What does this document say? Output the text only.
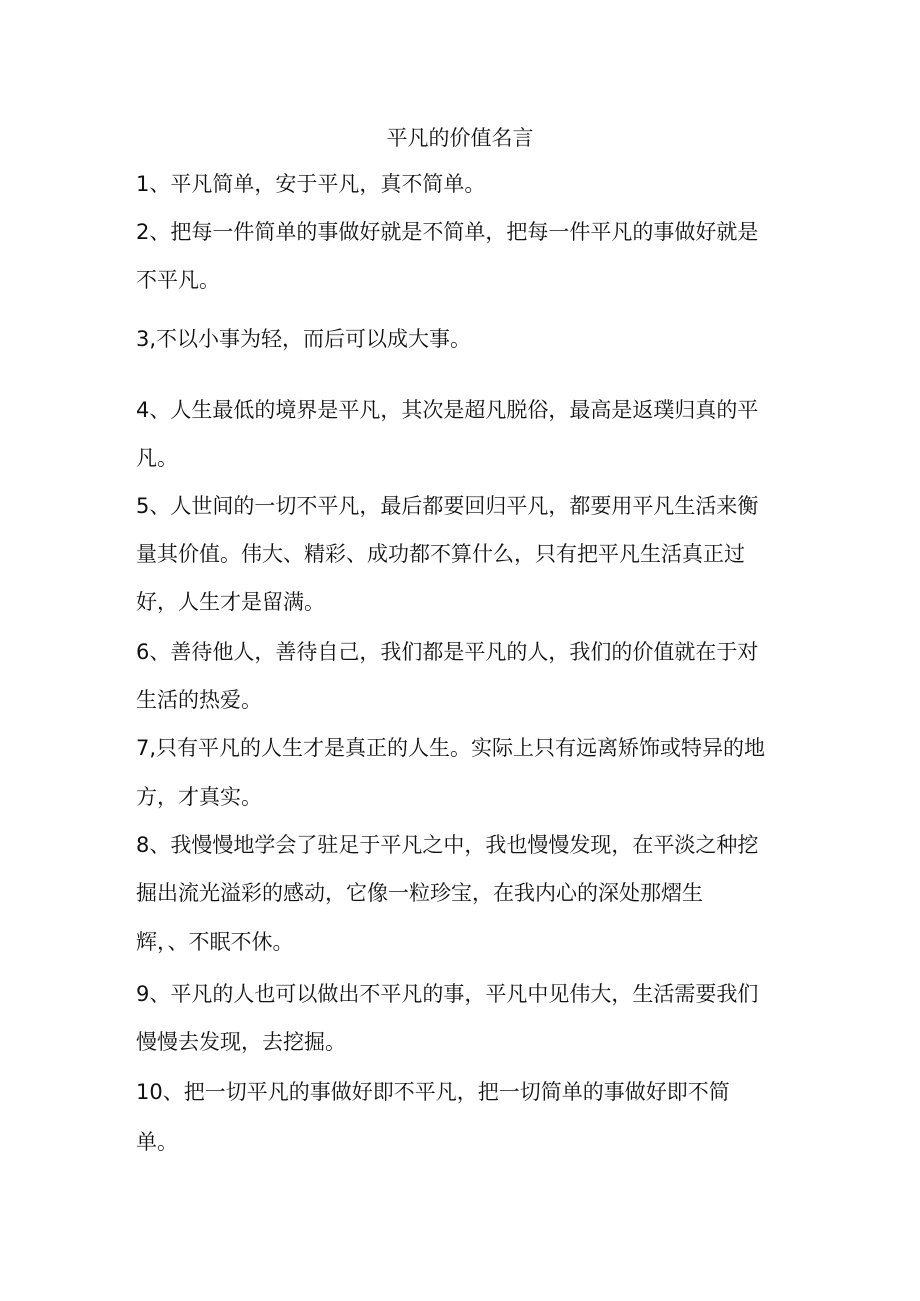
平凡的价值名言
1、平凡简单，安于平凡，真不简单。
2、把每一件简单的事做好就是不简单，把每一件平凡的事做好就是
不平凡。
3,不以小事为轻，而后可以成大事。
4、人生最低的境界是平凡，其次是超凡脱俗，最高是返璞归真的平
凡。
5、人世间的一切不平凡，最后都要回归平凡，都要用平凡生活来衡
量其价值。伟大、精彩、成功都不算什么，只有把平凡生活真正过
好，人生才是留满。
6、善待他人，善待自己，我们都是平凡的人，我们的价值就在于对
生活的热爱。
7,只有平凡的人生才是真正的人生。实际上只有远离矫饰或特异的地
方，才真实。
8、我慢慢地学会了驻足于平凡之中，我也慢慢发现，在平淡之种挖
掘出流光溢彩的感动，它像一粒珍宝，在我内心的深处那熠生
辉，、不眠不休。
9、平凡的人也可以做出不平凡的事，平凡中见伟大，生活需要我们
慢慢去发现，去挖掘。
10、把一切平凡的事做好即不平凡，把一切简单的事做好即不简
单。
